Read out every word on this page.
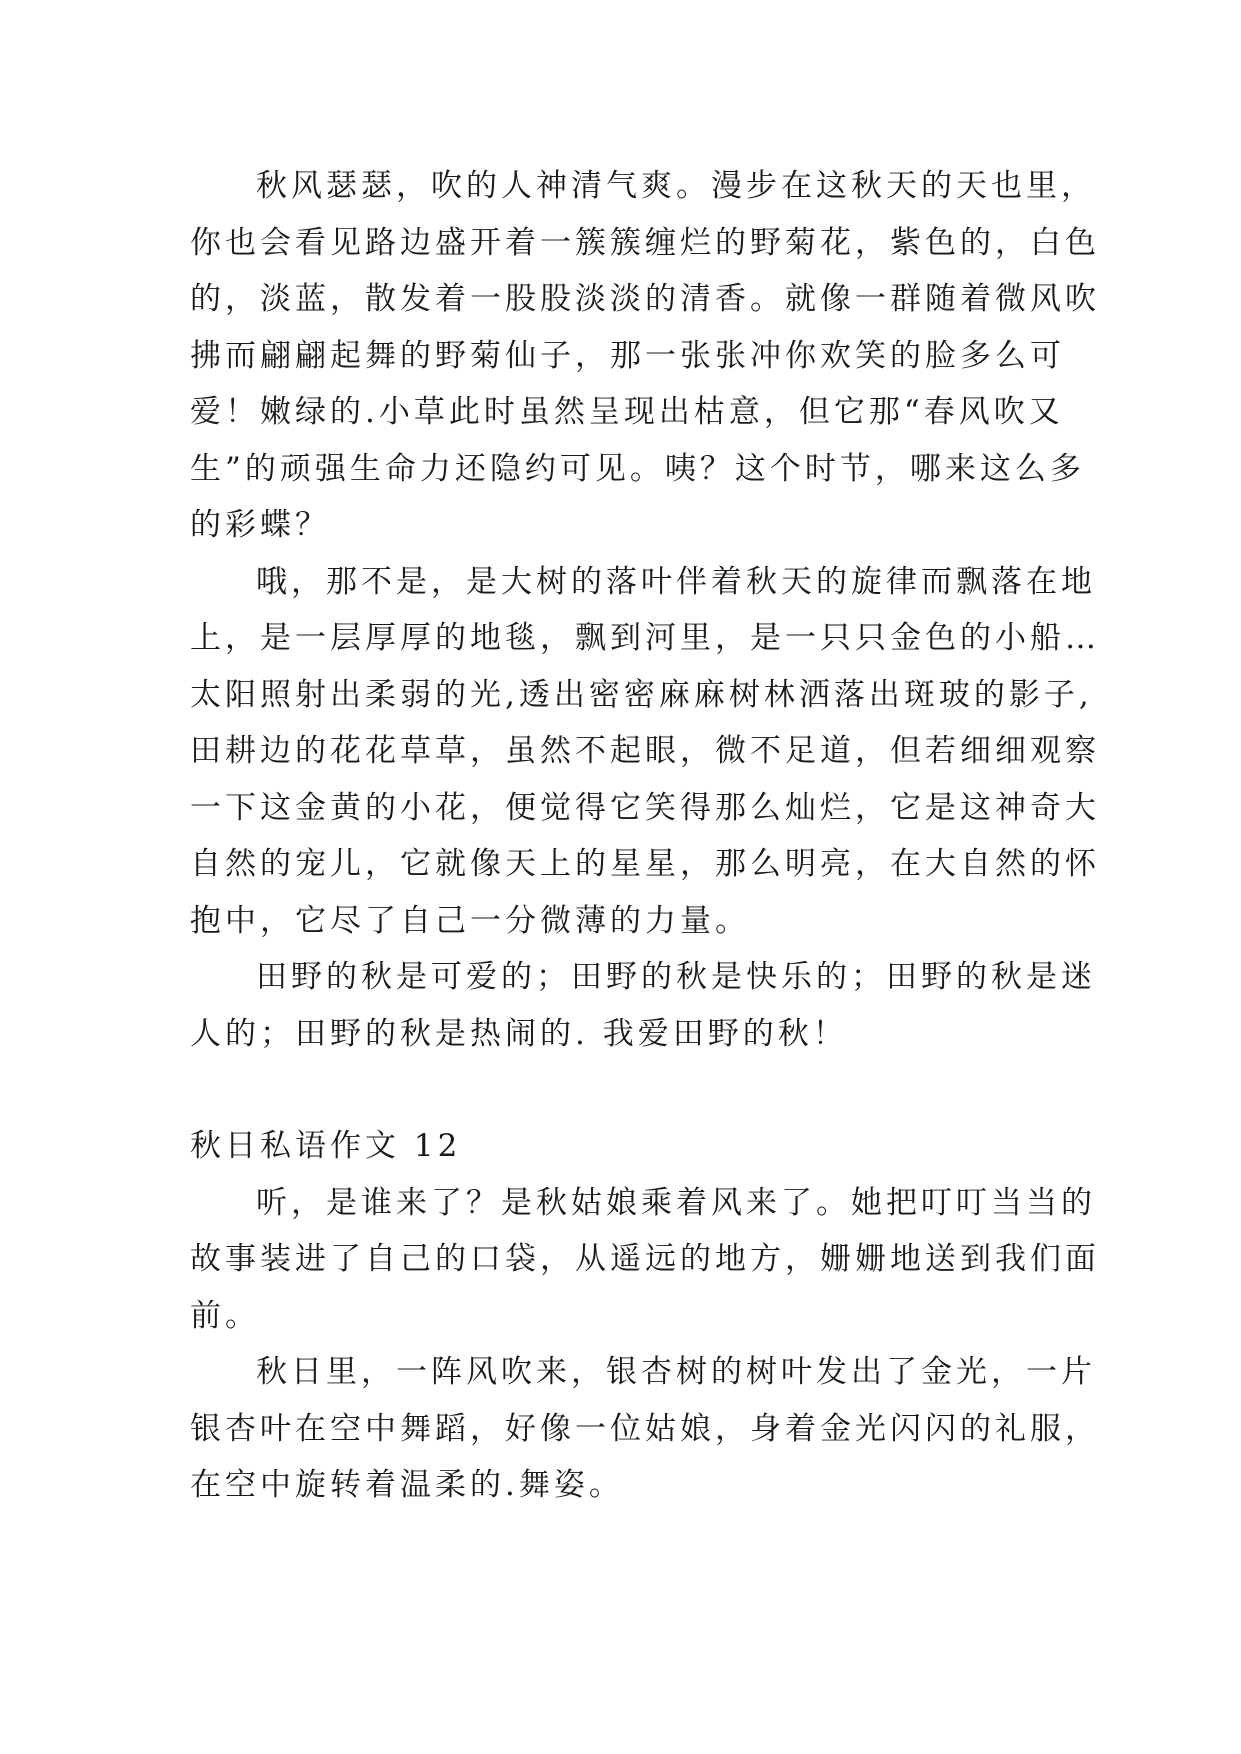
秋风瑟瑟，吹的人神清气爽。漫步在这秋天的天也里，
你也会看见路边盛开着一簇簇缠烂的野菊花，紫色的，白色
的，淡蓝，散发着一股股淡淡的清香。就像一群随着微风吹
拂而翩翩起舞的野菊仙子，那一张张冲你欢笑的脸多么可
爱！嫩绿的.小草此时虽然呈现出枯意，但它那“春风吹又
生”的顽强生命力还隐约可见。咦？这个时节，哪来这么多
的彩蝶？
哦，那不是，是大树的落叶伴着秋天的旋律而飘落在地
上，是一层厚厚的地毯，飘到河里，是一只只金色的小船…
太阳照射出柔弱的光,透出密密麻麻树林洒落出斑玻的影子,
田耕边的花花草草，虽然不起眼，微不足道，但若细细观察
一下这金黄的小花，便觉得它笑得那么灿烂，它是这神奇大
自然的宠儿，它就像天上的星星，那么明亮，在大自然的怀
抱中，它尽了自己一分微薄的力量。
田野的秋是可爱的；田野的秋是快乐的；田野的秋是迷
人的；田野的秋是热闹的. 我爱田野的秋！
秋日私语作文 12
听，是谁来了？是秋姑娘乘着风来了。她把叮叮当当的
故事装进了自己的口袋，从遥远的地方，姗姗地送到我们面
前。
秋日里，一阵风吹来，银杏树的树叶发出了金光，一片
银杏叶在空中舞蹈，好像一位姑娘，身着金光闪闪的礼服，
在空中旋转着温柔的.舞姿。
